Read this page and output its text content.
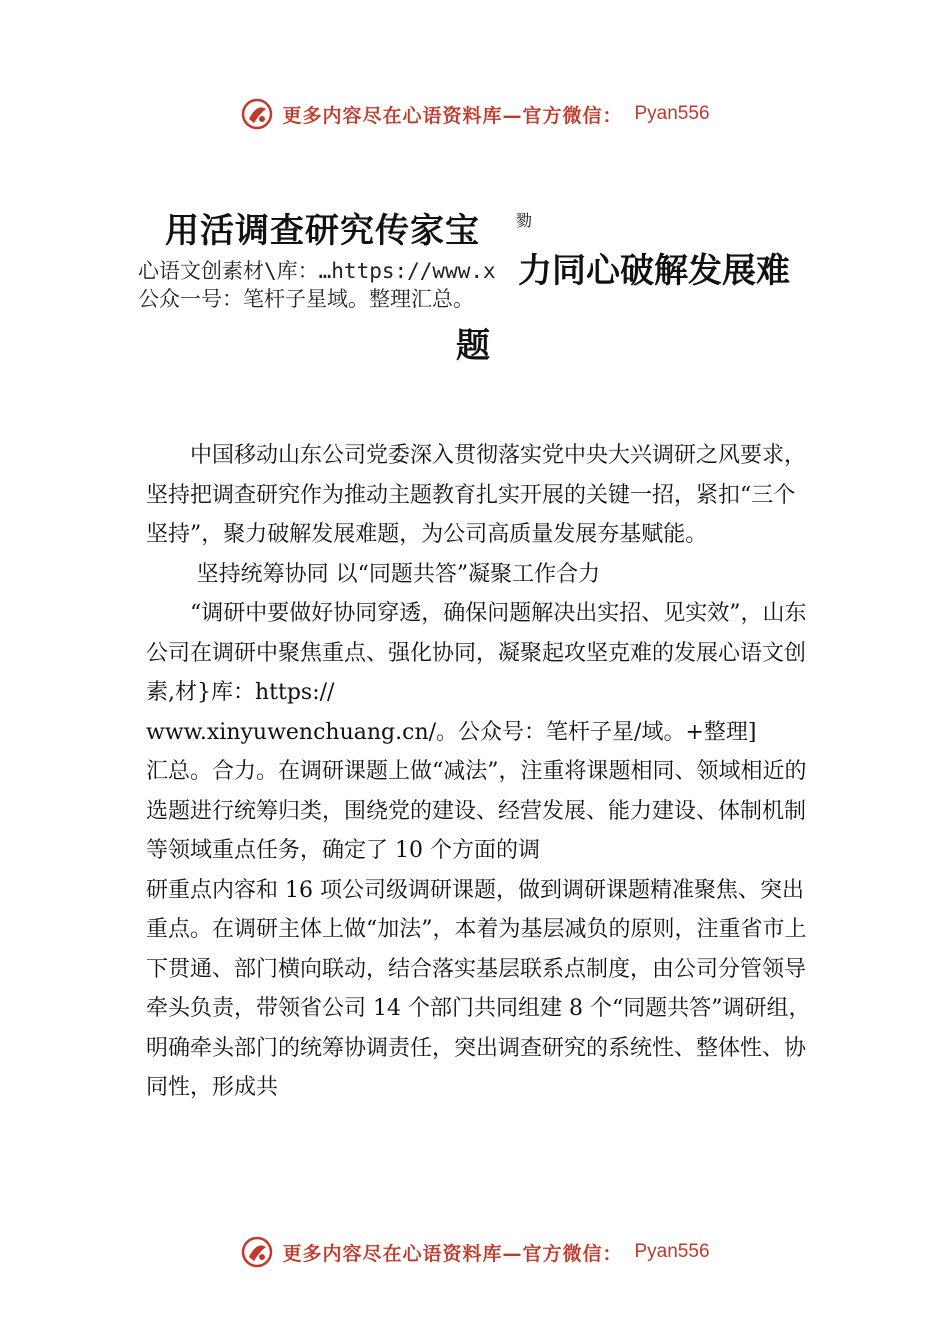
更多内容尽在心语资料库—官方微信： Pyan556
用活调查研究传家宝 勠
心语文创素材\库：…https://www.x 力同心破解发展难
公众一号：笔杆子星域。整理汇总。
题

中国移动山东公司党委深入贯彻落实党中央大兴调研之风要求，坚持把调查研究作为推动主题教育扎实开展的关键一招，紧扣“三个坚持”，聚力破解发展难题，为公司高质量发展夯基赋能。

坚持统筹协同 以“同题共答”凝聚工作合力

“调研中要做好协同穿透，确保问题解决出实招、见实效”，山东公司在调研中聚焦重点、强化协同，凝聚起攻坚克难的发展心语文创素,材}库：https://

www.xinyuwenchuang.cn/。公众号：笔杆子星/域。+整理]

汇总。合力。在调研课题上做“减法”，注重将课题相同、领域相近的选题进行统筹归类，围绕党的建设、经营发展、能力建设、体制机制等领域重点任务，确定了 10 个方面的调

研重点内容和 16 项公司级调研课题，做到调研课题精准聚焦、突出重点。在调研主体上做“加法”，本着为基层减负的原则，注重省市上下贯通、部门横向联动，结合落实基层联系点制度，由公司分管领导牵头负责，带领省公司 14 个部门共同组建 8 个“同题共答”调研组，明确牵头部门的统筹协调责任，突出调查研究的系统性、整体性、协同性，形成共

更多内容尽在心语资料库—官方微信： Pyan556
